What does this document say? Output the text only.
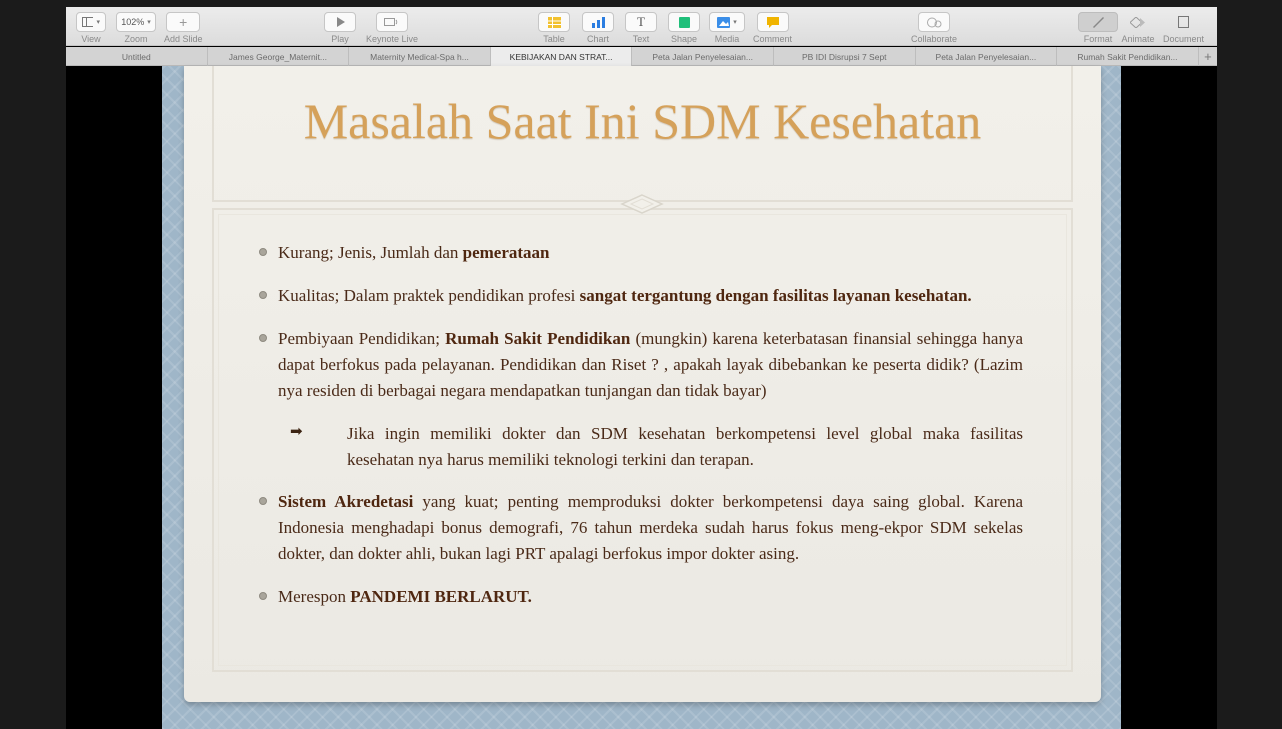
▾
View
102% ▾
Zoom
+
Add Slide	Play Keynote Live	Table Chart
T
Text Shape
▾
Media Comment	Collaborate	Format Animate Document
Untitled	James George_Maternit...	Maternity Medical-Spa h...	KEBIJAKAN DAN STRAT...	Peta Jalan Penyelesaian...	PB IDI Disrupsi 7 Sept	Peta Jalan Penyelesaian...	Rumah Sakit Pendidikan...	+
Masalah Saat Ini SDM Kesehatan
Kurang; Jenis, Jumlah dan pemerataan
Kualitas; Dalam praktek pendidikan profesi sangat tergantung dengan fasilitas layanan kesehatan.
Pembiyaan Pendidikan; Rumah Sakit Pendidikan (mungkin) karena keterbatasan finansial sehingga hanya dapat berfokus pada pelayanan. Pendidikan dan Riset ? , apakah layak dibebankan ke peserta didik? (Lazim nya residen di berbagai negara mendapatkan tunjangan dan tidak bayar)
➡	Jika ingin memiliki dokter dan SDM kesehatan berkompetensi level global maka fasilitas kesehatan nya harus memiliki teknologi terkini dan terapan.
Sistem Akredetasi yang kuat; penting memproduksi dokter berkompetensi daya saing global. Karena Indonesia menghadapi bonus demografi, 76 tahun merdeka sudah harus fokus meng-ekpor SDM sekelas dokter, dan dokter ahli, bukan lagi PRT apalagi berfokus impor dokter asing.
Merespon PANDEMI BERLARUT.
